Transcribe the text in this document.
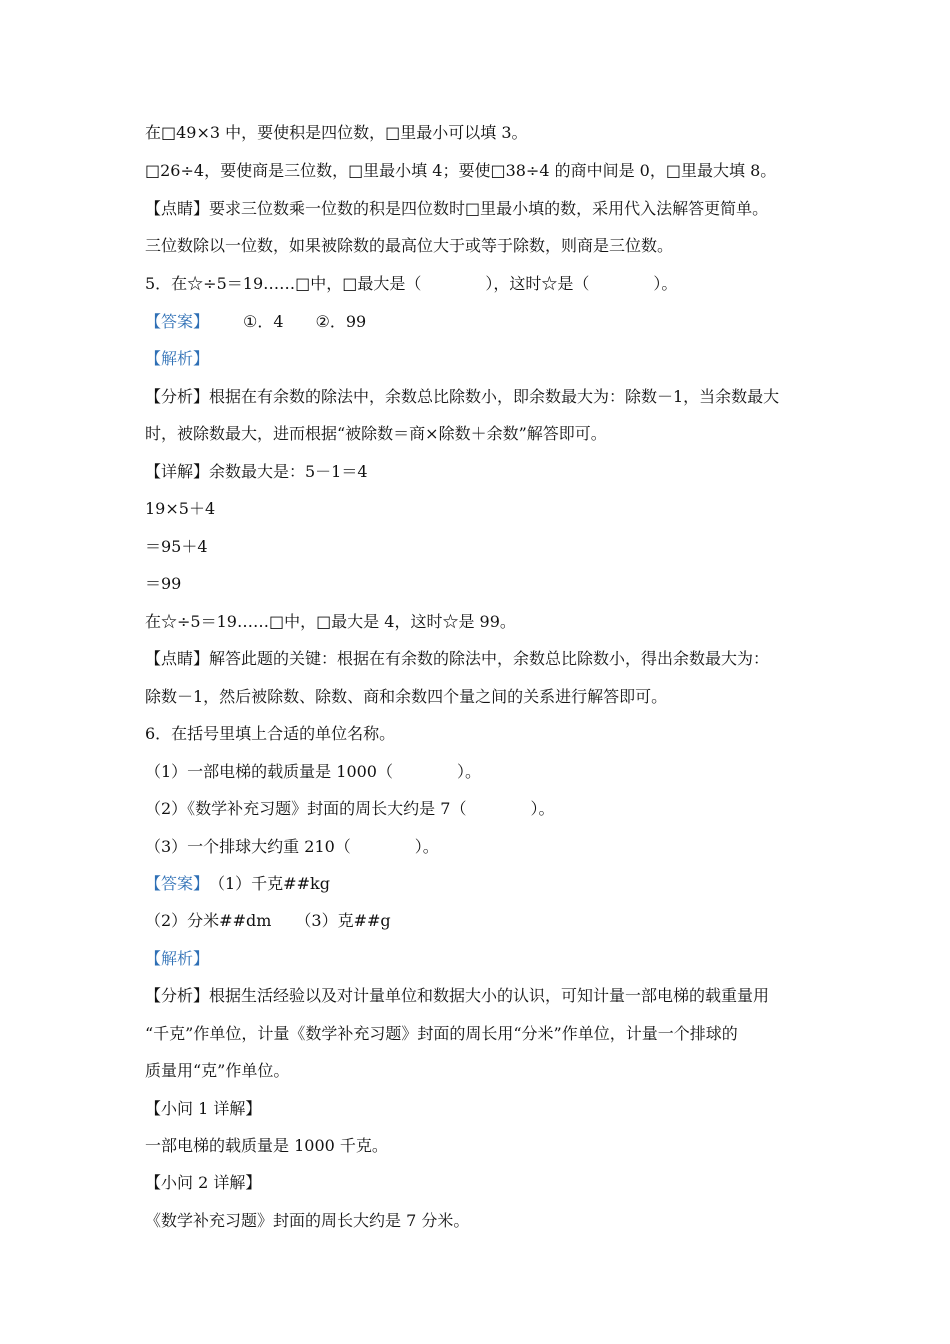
在□49×3 中，要使积是四位数，□里最小可以填 3。
□26÷4，要使商是三位数，□里最小填 4；要使□38÷4 的商中间是 0，□里最大填 8。
【点睛】要求三位数乘一位数的积是四位数时□里最小填的数，采用代入法解答更简单。
三位数除以一位数，如果被除数的最高位大于或等于除数，则商是三位数。
5．在☆÷5＝19……□中，□最大是（　　　　），这时☆是（　　　　）。
【答案】 ①．4　　②．99
【解析】
【分析】根据在有余数的除法中，余数总比除数小，即余数最大为：除数－1，当余数最大
时，被除数最大，进而根据“被除数＝商×除数＋余数”解答即可。
【详解】余数最大是：5－1＝4
19×5＋4
＝95＋4
＝99
在☆÷5＝19……□中，□最大是 4，这时☆是 99。
【点睛】解答此题的关键：根据在有余数的除法中，余数总比除数小，得出余数最大为：
除数－1，然后被除数、除数、商和余数四个量之间的关系进行解答即可。
6．在括号里填上合适的单位名称。
（1）一部电梯的载质量是 1000（　　　　）。
（2）《数学补充习题》封面的周长大约是 7（　　　　）。
（3）一个排球大约重 210（　　　　）。
【答案】 （1）千克##kg
（2）分米##dm　　（3）克##g
【解析】
【分析】根据生活经验以及对计量单位和数据大小的认识，可知计量一部电梯的载重量用
“千克”作单位，计量《数学补充习题》封面的周长用“分米”作单位，计量一个排球的
质量用“克”作单位。
【小问 1 详解】
一部电梯的载质量是 1000 千克。
【小问 2 详解】
《数学补充习题》封面的周长大约是 7 分米。
